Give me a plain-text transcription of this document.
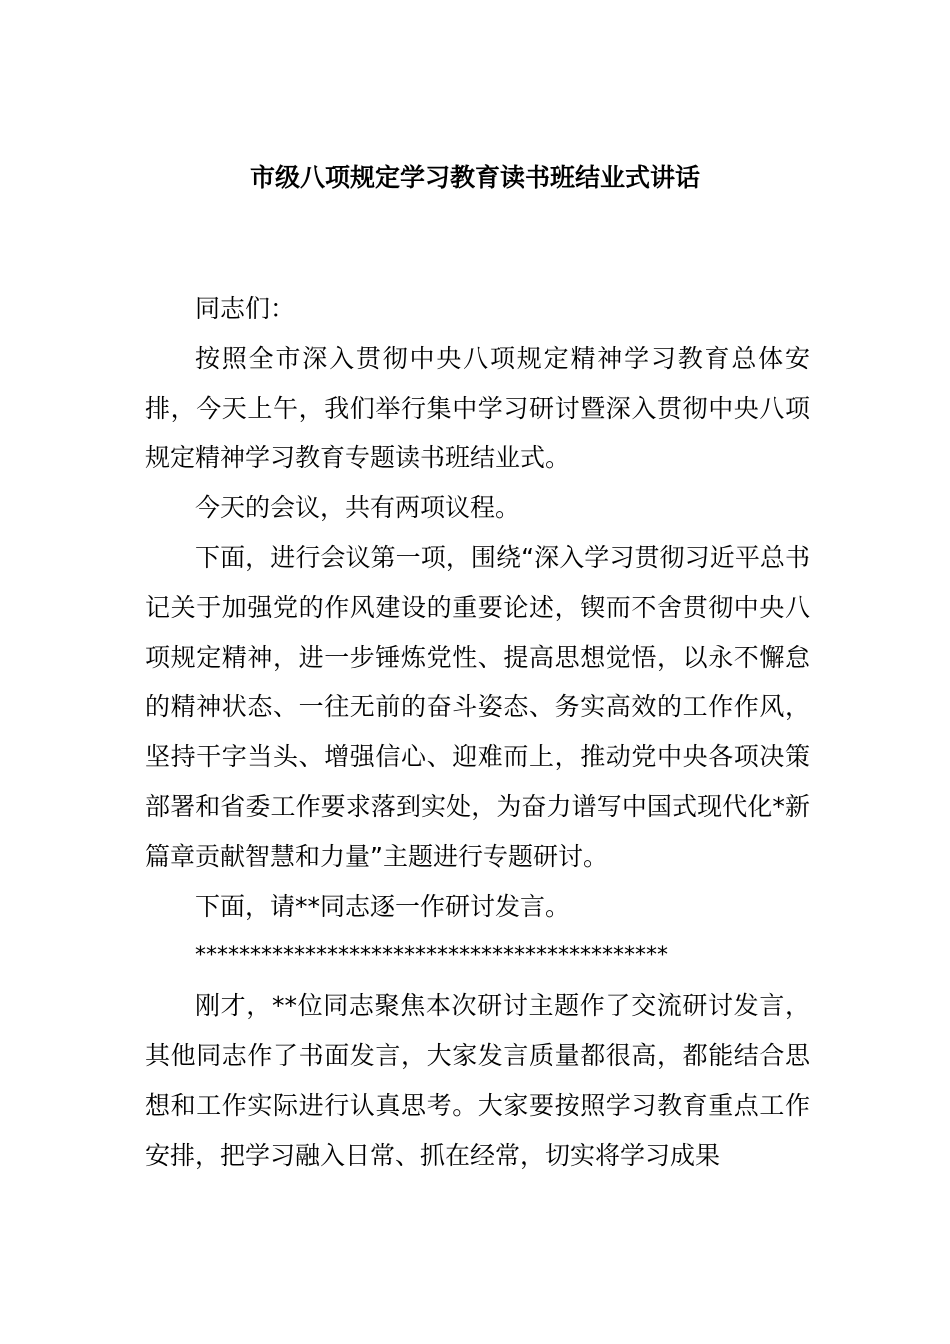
市级八项规定学习教育读书班结业式讲话

同志们：

按照全市深入贯彻中央八项规定精神学习教育总体安排，今天上午，我们举行集中学习研讨暨深入贯彻中央八项规定精神学习教育专题读书班结业式。

今天的会议，共有两项议程。

下面，进行会议第一项，围绕“深入学习贯彻习近平总书记关于加强党的作风建设的重要论述，锲而不舍贯彻中央八项规定精神，进一步锤炼党性、提高思想觉悟，以永不懈怠的精神状态、一往无前的奋斗姿态、务实高效的工作作风，坚持干字当头、增强信心、迎难而上，推动党中央各项决策部署和省委工作要求落到实处，为奋力谱写中国式现代化*新篇章贡献智慧和力量”主题进行专题研讨。

下面，请**同志逐一作研讨发言。

*******************************************

刚才，**位同志聚焦本次研讨主题作了交流研讨发言，其他同志作了书面发言，大家发言质量都很高，都能结合思想和工作实际进行认真思考。大家要按照学习教育重点工作安排，把学习融入日常、抓在经常，切实将学习成果
